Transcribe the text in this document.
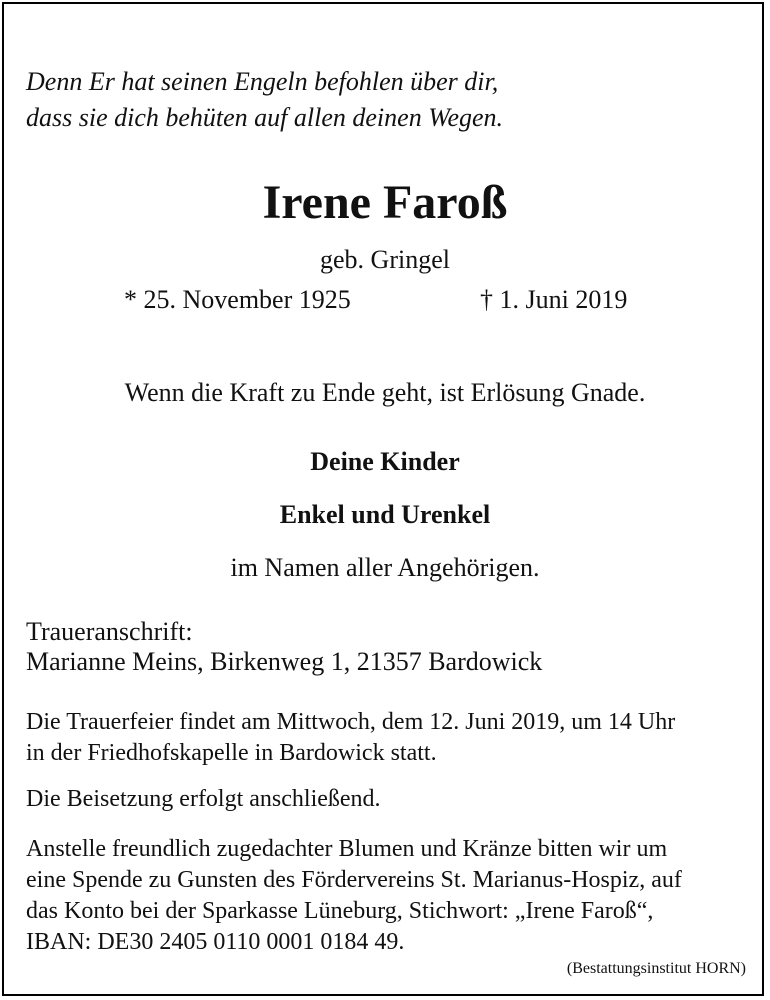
Denn Er hat seinen Engeln befohlen über dir,
dass sie dich behüten auf allen deinen Wegen.
Irene Faroß
geb. Gringel
* 25. November 1925	† 1. Juni 2019
Wenn die Kraft zu Ende geht, ist Erlösung Gnade.
Deine Kinder
Enkel und Urenkel
im Namen aller Angehörigen.
Traueranschrift:
Marianne Meins, Birkenweg 1, 21357 Bardowick
Die Trauerfeier findet am Mittwoch, dem 12. Juni 2019, um 14 Uhr
in der Friedhofskapelle in Bardowick statt.
Die Beisetzung erfolgt anschließend.
Anstelle freundlich zugedachter Blumen und Kränze bitten wir um
eine Spende zu Gunsten des Fördervereins St. Marianus-Hospiz, auf
das Konto bei der Sparkasse Lüneburg, Stichwort: „Irene Faroß“,
IBAN: DE30 2405 0110 0001 0184 49.
(Bestattungsinstitut HORN)
